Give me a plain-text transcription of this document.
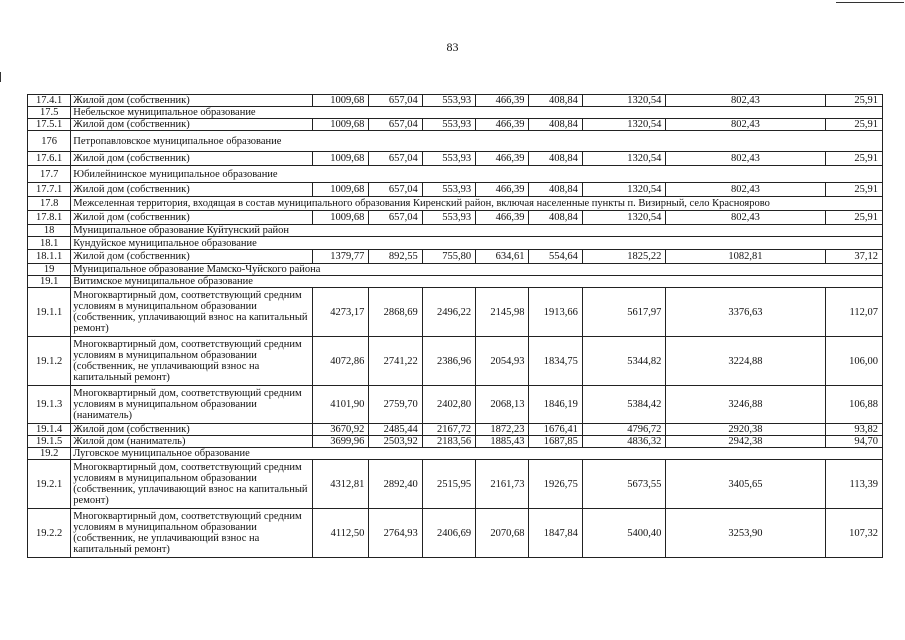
83
17.4.1	Жилой дом (собственник)	1009,68	657,04	553,93	466,39	408,84	1320,54	802,43	25,91
17.5	Небельское муниципальное образование								
17.5.1	Жилой дом (собственник)	1009,68	657,04	553,93	466,39	408,84	1320,54	802,43	25,91
176	Петропавловское муниципальное образование								
17.6.1	Жилой дом (собственник)	1009,68	657,04	553,93	466,39	408,84	1320,54	802,43	25,91
17.7	Юбилейнинское муниципальное образование								
17.7.1	Жилой дом (собственник)	1009,68	657,04	553,93	466,39	408,84	1320,54	802,43	25,91
17.8	Межселенная территория, входящая в состав муниципального образования Киренский район, включая населенные пункты п. Визирный, село Красноярово								
17.8.1	Жилой дом (собственник)	1009,68	657,04	553,93	466,39	408,84	1320,54	802,43	25,91
18	Муниципальное образование Куйтунский район								
18.1	Кундуйское муниципальное образование								
18.1.1	Жилой дом (собственник)	1379,77	892,55	755,80	634,61	554,64	1825,22	1082,81	37,12
19	Муниципальное образование Мамско-Чуйского района								
19.1	Витимское муниципальное образование								
19.1.1	Многоквартирный дом, соответствующий средним условиям в муниципальном образовании (собственник, уплачивающий взнос на капитальный ремонт)	4273,17	2868,69	2496,22	2145,98	1913,66	5617,97	3376,63	112,07
19.1.2	Многоквартирный дом, соответствующий средним условиям в муниципальном образовании (собственник, не уплачивающий взнос на капитальный ремонт)	4072,86	2741,22	2386,96	2054,93	1834,75	5344,82	3224,88	106,00
19.1.3	Многоквартирный дом, соответствующий средним условиям в муниципальном образовании (наниматель)	4101,90	2759,70	2402,80	2068,13	1846,19	5384,42	3246,88	106,88
19.1.4	Жилой дом (собственник)	3670,92	2485,44	2167,72	1872,23	1676,41	4796,72	2920,38	93,82
19.1.5	Жилой дом (наниматель)	3699,96	2503,92	2183,56	1885,43	1687,85	4836,32	2942,38	94,70
19.2	Луговское муниципальное образование								
19.2.1	Многоквартирный дом, соответствующий средним условиям в муниципальном образовании (собственник, уплачивающий взнос на капитальный ремонт)	4312,81	2892,40	2515,95	2161,73	1926,75	5673,55	3405,65	113,39
19.2.2	Многоквартирный дом, соответствующий средним условиям в муниципальном образовании (собственник, не уплачивающий взнос на капитальный ремонт)	4112,50	2764,93	2406,69	2070,68	1847,84	5400,40	3253,90	107,32
